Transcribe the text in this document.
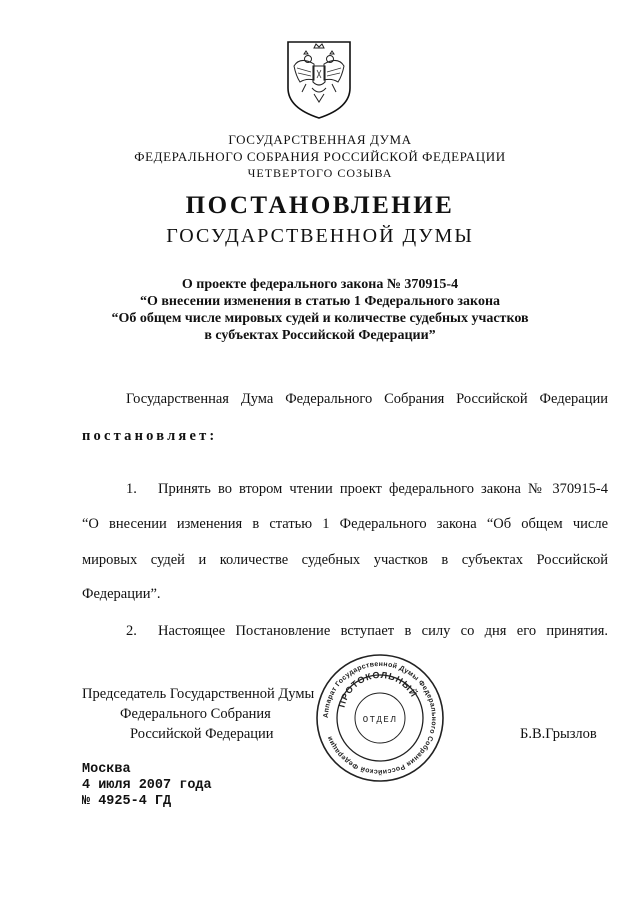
ГОСУДАРСТВЕННАЯ ДУМА
ФЕДЕРАЛЬНОГО СОБРАНИЯ РОССИЙСКОЙ ФЕДЕРАЦИИ
ЧЕТВЕРТОГО СОЗЫВА
ПОСТАНОВЛЕНИЕ
ГОСУДАРСТВЕННОЙ ДУМЫ
О проекте федерального закона № 370915-4
“О внесении изменения в статью 1 Федерального закона
“Об общем числе мировых судей и количестве судебных участков
в субъектах Российской Федерации”
Государственная Дума Федерального Собрания Российской Федерации
постановляет:
1. Принять во втором чтении проект федерального закона № 370915-4
“О внесении изменения в статью 1 Федерального закона “Об общем числе
мировых судей и количестве судебных участков в субъектах Российской
Федерации”.
2. Настоящее Постановление вступает в силу со дня его принятия.
Председатель Государственной Думы
Федерального Собрания
Российской Федерации	Б.В.Грызлов
Аппарат Государственной Думы Федерального Собрания Российской Федерации
ПРОТОКОЛЬНЫЙ
ОТДЕЛ
Москва
4 июля 2007 года
№ 4925-4 ГД
